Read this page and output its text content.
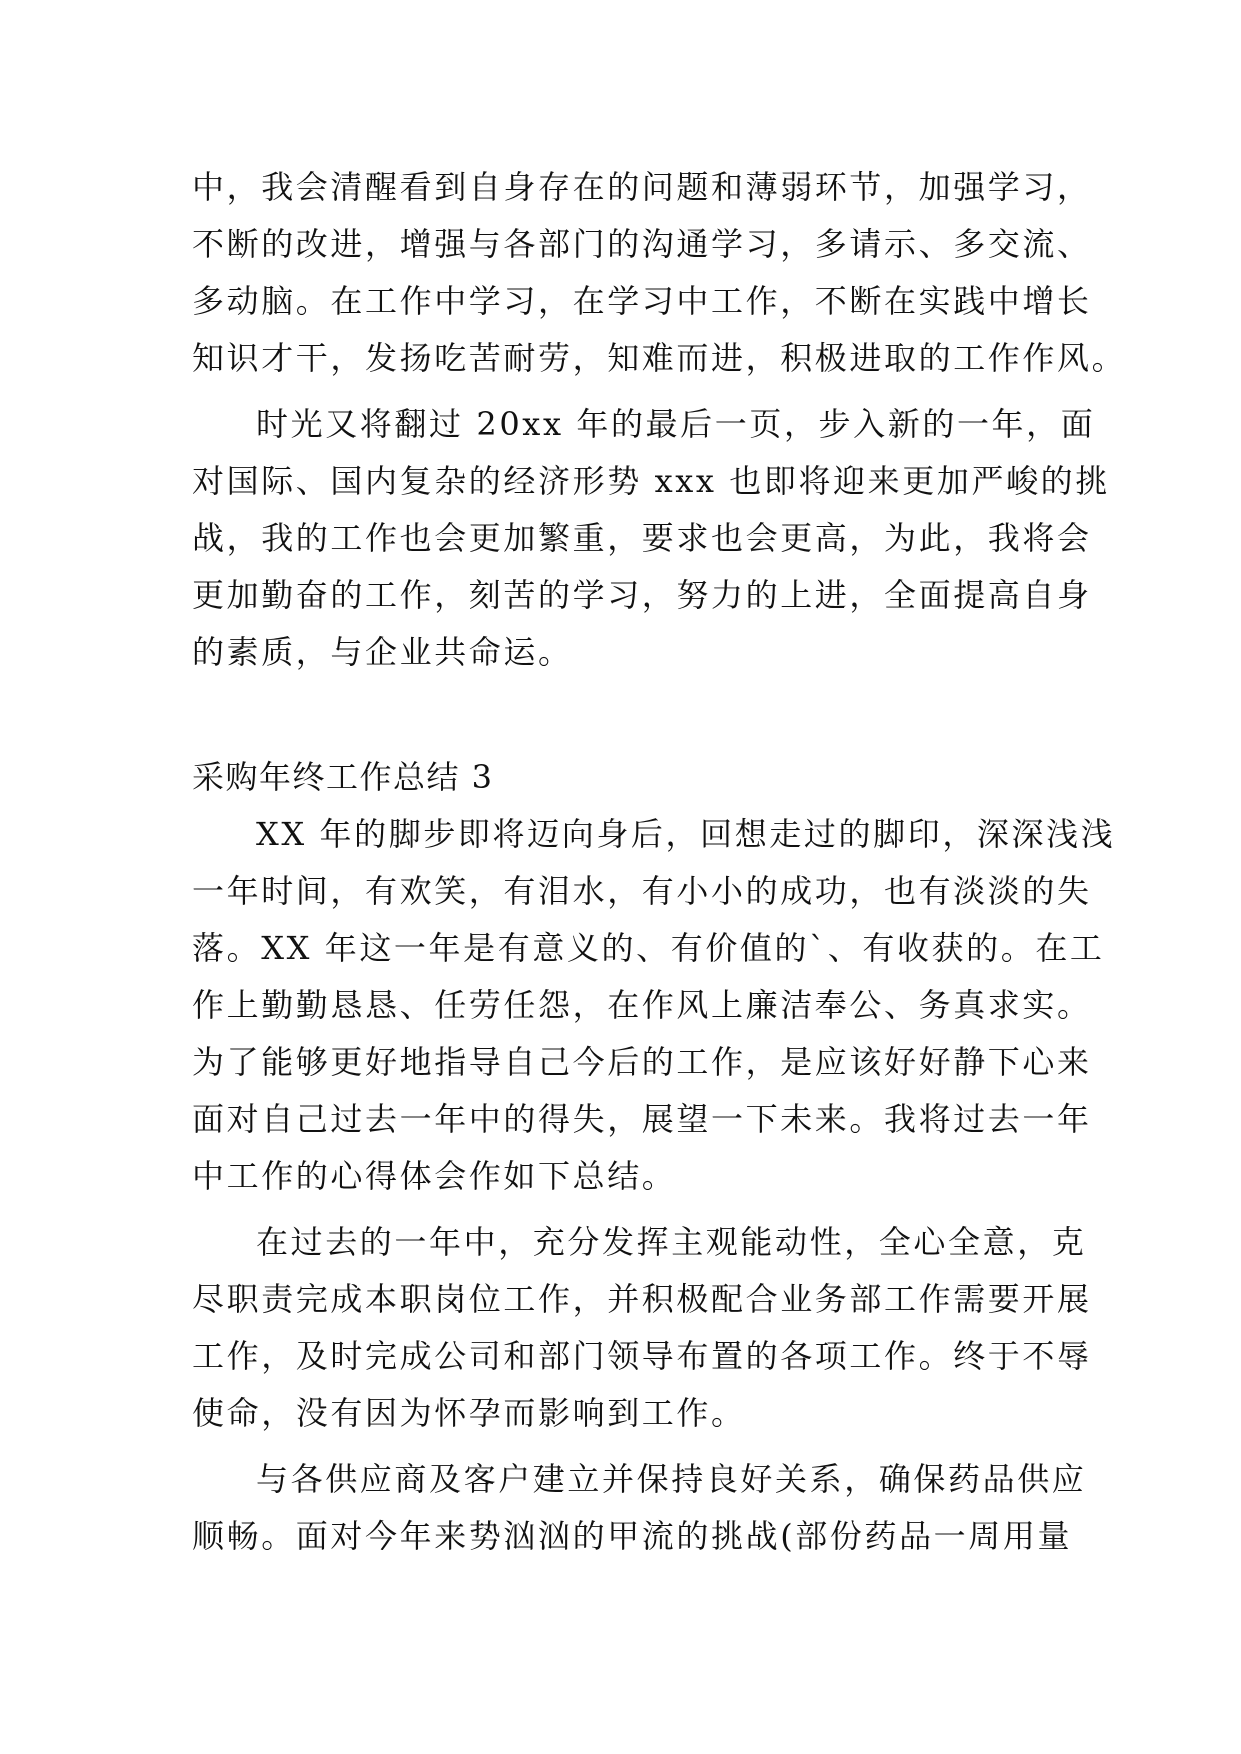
中，我会清醒看到自身存在的问题和薄弱环节，加强学习，
不断的改进，增强与各部门的沟通学习，多请示、多交流、
多动脑。在工作中学习，在学习中工作，不断在实践中增长
知识才干，发扬吃苦耐劳，知难而进，积极进取的工作作风。
时光又将翻过 20xx 年的最后一页，步入新的一年，面
对国际、国内复杂的经济形势 xxx 也即将迎来更加严峻的挑
战，我的工作也会更加繁重，要求也会更高，为此，我将会
更加勤奋的工作，刻苦的学习，努力的上进，全面提高自身
的素质，与企业共命运。
采购年终工作总结 3
XX 年的脚步即将迈向身后，回想走过的脚印，深深浅浅
一年时间，有欢笑，有泪水，有小小的成功，也有淡淡的失
落。XX 年这一年是有意义的、有价值的`、有收获的。在工
作上勤勤恳恳、任劳任怨，在作风上廉洁奉公、务真求实。
为了能够更好地指导自己今后的工作，是应该好好静下心来
面对自己过去一年中的得失，展望一下未来。我将过去一年
中工作的心得体会作如下总结。
在过去的一年中，充分发挥主观能动性，全心全意，克
尽职责完成本职岗位工作，并积极配合业务部工作需要开展
工作，及时完成公司和部门领导布置的各项工作。终于不辱
使命，没有因为怀孕而影响到工作。
与各供应商及客户建立并保持良好关系，确保药品供应
顺畅。面对今年来势汹汹的甲流的挑战(部份药品一周用量
